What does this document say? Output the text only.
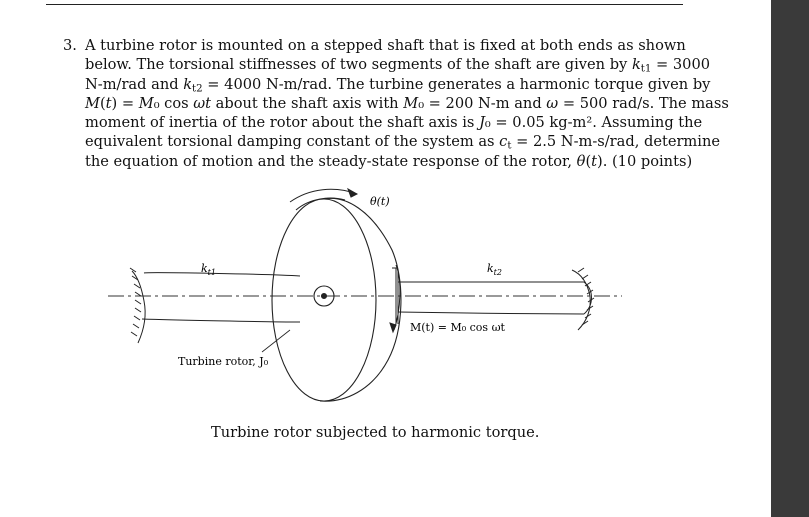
3. A turbine rotor is mounted on a stepped shaft that is fixed at both ends as shown
below. The torsional stiffnesses of two segments of the shaft are given by $k_{t1} = 3000$
N-m/rad and $k_{t2} = 4000$ N-m/rad. The turbine generates a harmonic torque given by
M(t) = M₀ cos ωt about the shaft axis with M₀ = 200 N-m and ω = 500 rad/s. The mass
moment of inertia of the rotor about the shaft axis is J₀ = 0.05 kg-m². Assuming the
equivalent torsional damping constant of the system as $c_t = 2.5$ N-m-s/rad, determine
the equation of motion and the steady-state response of the rotor, θ(t). (10 points)
θ(t)
$k_{t1}$	$k_{t2}$
M(t) = M₀ cos ωt
Turbine rotor, J₀
Turbine rotor subjected to harmonic torque.
